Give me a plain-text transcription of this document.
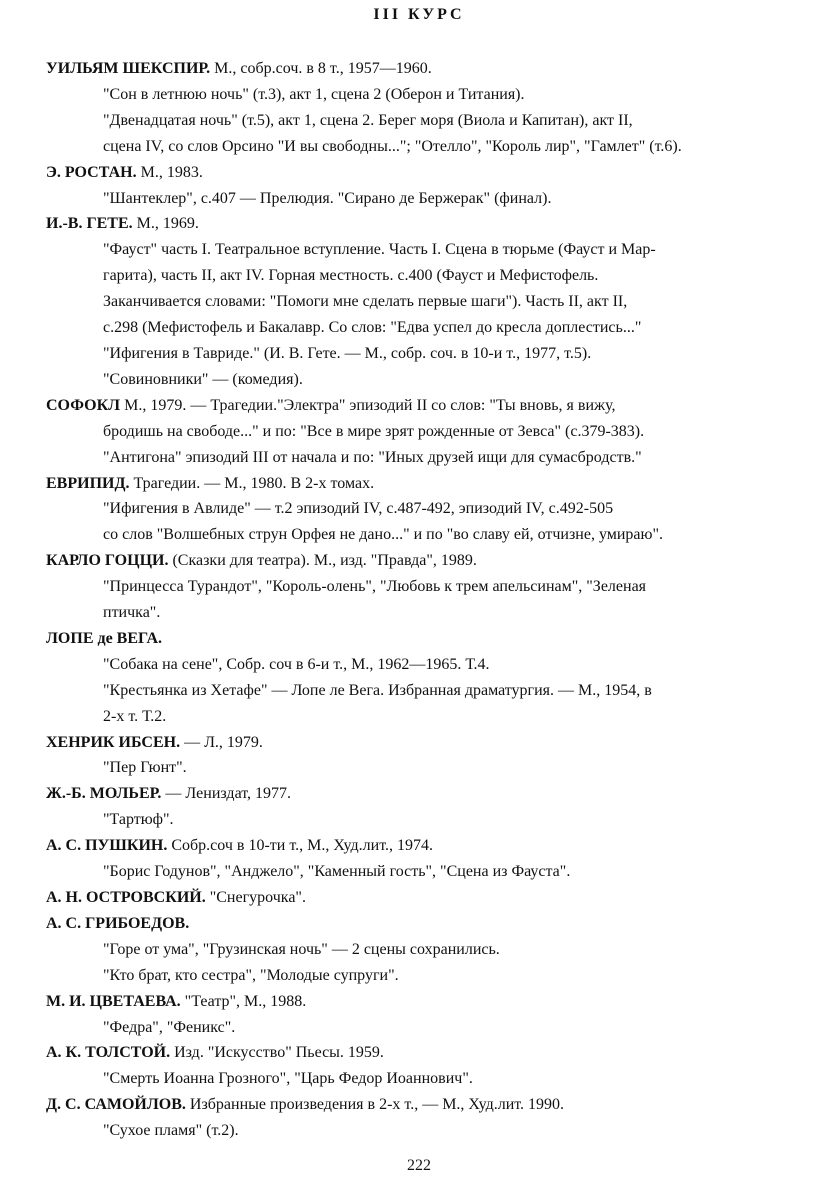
III КУРС
УИЛЬЯМ ШЕКСПИР. М., собр.соч. в 8 т., 1957—1960.
"Сон в летнюю ночь" (т.3), акт 1, сцена 2 (Оберон и Титания).
"Двенадцатая ночь" (т.5), акт 1, сцена 2. Берег моря (Виола и Капитан), акт II,
сцена IV, со слов Орсино "И вы свободны..."; "Отелло", "Король лир", "Гамлет" (т.6).
Э. РОСТАН. М., 1983.
"Шантеклер", с.407 — Прелюдия. "Сирано де Бержерак" (финал).
И.-В. ГЕТЕ. М., 1969.
"Фауст" часть I. Театральное вступление. Часть I. Сцена в тюрьме (Фауст и Мар-
гарита), часть II, акт IV. Горная местность. с.400 (Фауст и Мефистофель.
Заканчивается словами: "Помоги мне сделать первые шаги"). Часть II, акт II,
с.298 (Мефистофель и Бакалавр. Со слов: "Едва успел до кресла доплестись..."
"Ифигения в Тавриде." (И. В. Гете. — М., собр. соч. в 10-и т., 1977, т.5).
"Совиновники" — (комедия).
СОФОКЛ М., 1979. — Трагедии."Электра" эпизодий II со слов: "Ты вновь, я вижу,
бродишь на свободе..." и по: "Все в мире зрят рожденные от Зевса" (с.379-383).
"Антигона" эпизодий III от начала и по: "Иных друзей ищи для сумасбродств."
ЕВРИПИД. Трагедии. — М., 1980. В 2-х томах.
"Ифигения в Авлиде" — т.2 эпизодий IV, с.487-492, эпизодий IV, с.492-505
со слов "Волшебных струн Орфея не дано..." и по "во славу ей, отчизне, умираю".
КАРЛО ГОЦЦИ. (Сказки для театра). М., изд. "Правда", 1989.
"Принцесса Турандот", "Король-олень", "Любовь к трем апельсинам", "Зеленая
птичка".
ЛОПЕ де ВЕГА.
"Собака на сене", Собр. соч в 6-и т., М., 1962—1965. Т.4.
"Крестьянка из Хетафе" — Лопе ле Вега. Избранная драматургия. — М., 1954, в
2-х т. Т.2.
ХЕНРИК ИБСЕН. — Л., 1979.
"Пер Гюнт".
Ж.-Б. МОЛЬЕР. — Лениздат, 1977.
"Тартюф".
А. С. ПУШКИН. Собр.соч в 10-ти т., М., Худ.лит., 1974.
"Борис Годунов", "Анджело", "Каменный гость", "Сцена из Фауста".
А. Н. ОСТРОВСКИЙ. "Снегурочка".
А. С. ГРИБОЕДОВ.
"Горе от ума", "Грузинская ночь" — 2 сцены сохранились.
"Кто брат, кто сестра", "Молодые супруги".
М. И. ЦВЕТАЕВА. "Театр", М., 1988.
"Федра", "Феникс".
А. К. ТОЛСТОЙ. Изд. "Искусство" Пьесы. 1959.
"Смерть Иоанна Грозного", "Царь Федор Иоаннович".
Д. С. САМОЙЛОВ. Избранные произведения в 2-х т., — М., Худ.лит. 1990.
"Сухое пламя" (т.2).
222
